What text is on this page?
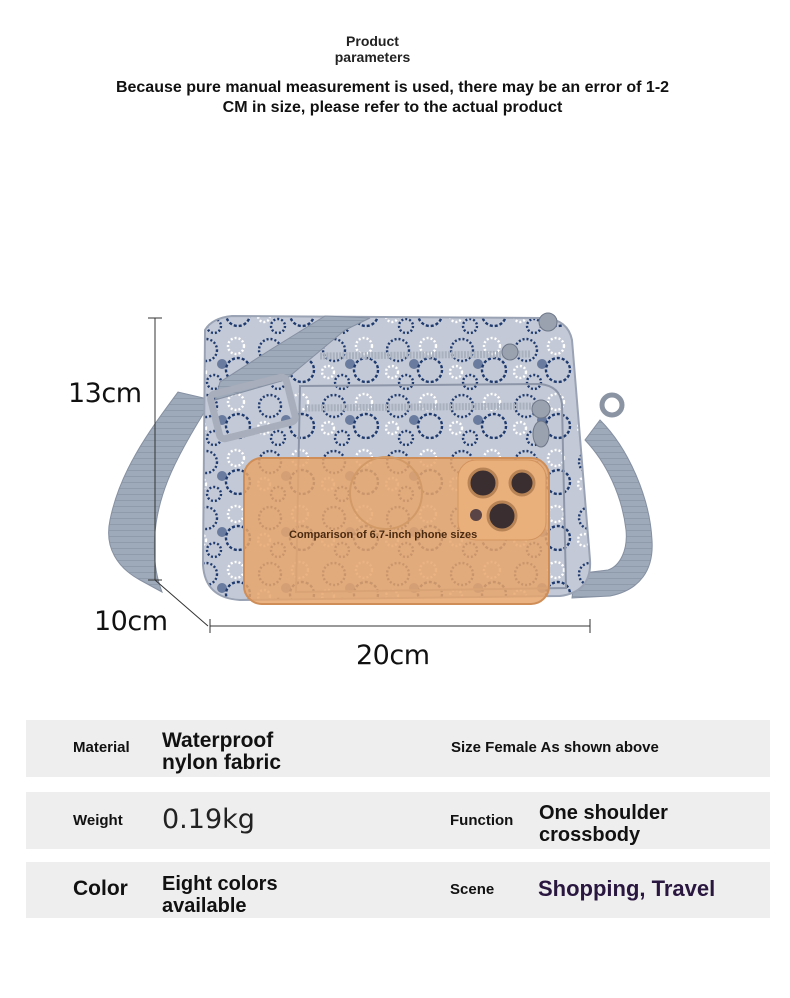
Product
parameters
Because pure manual measurement is used, there may be an error of 1-2
CM in size, please refer to the actual product
Comparison of 6.7-inch phone sizes
13cm
10cm
20cm
Material Waterproof
nylon fabric
Size Female As shown above
Weight 0.19kg	Function One shoulder
crossbody
Color Eight colors
available
Scene Shopping, Travel
